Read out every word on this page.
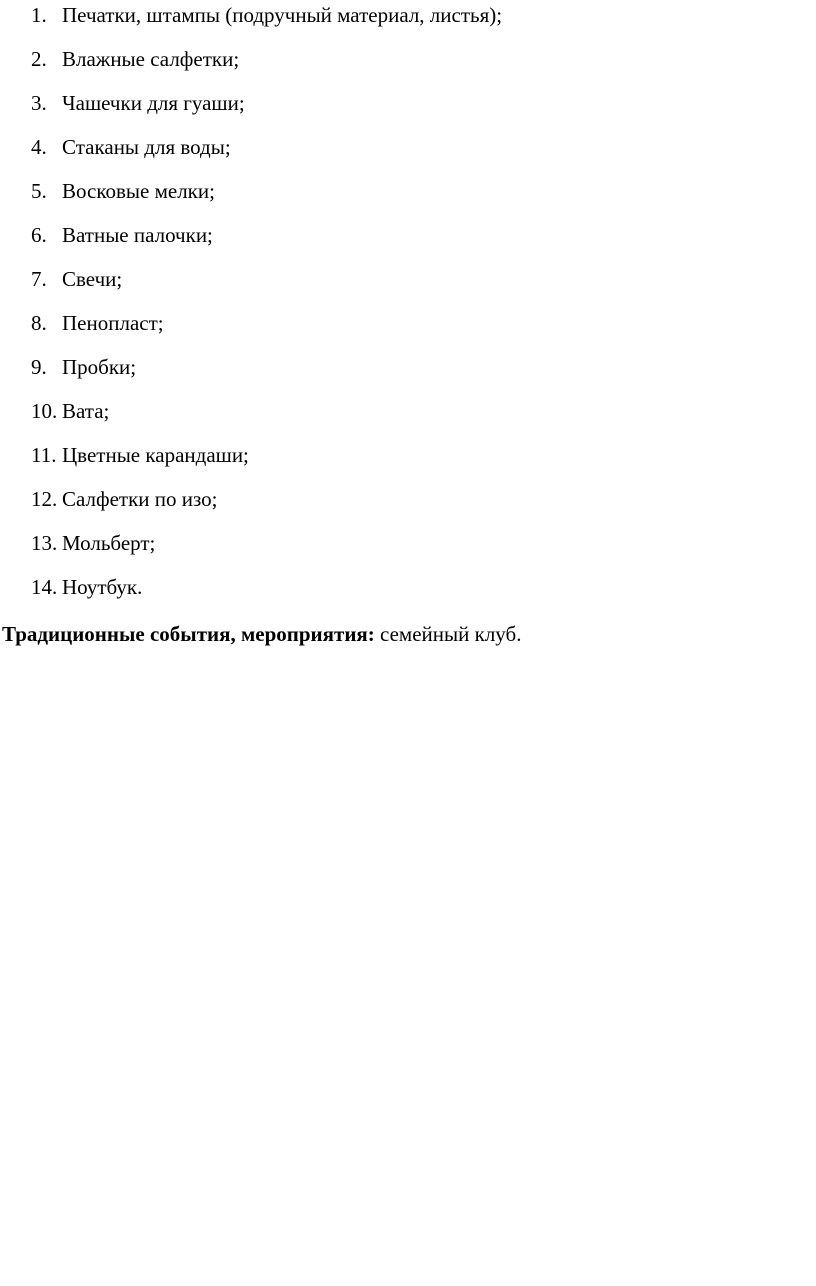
1. Печатки, штампы (подручный материал, листья);
2. Влажные салфетки;
3. Чашечки для гуаши;
4. Стаканы для воды;
5. Восковые мелки;
6. Ватные палочки;
7. Свечи;
8. Пенопласт;
9. Пробки;
10. Вата;
11. Цветные карандаши;
12. Салфетки по изо;
13. Мольберт;
14. Ноутбук.

Традиционные события, мероприятия: семейный клуб.
